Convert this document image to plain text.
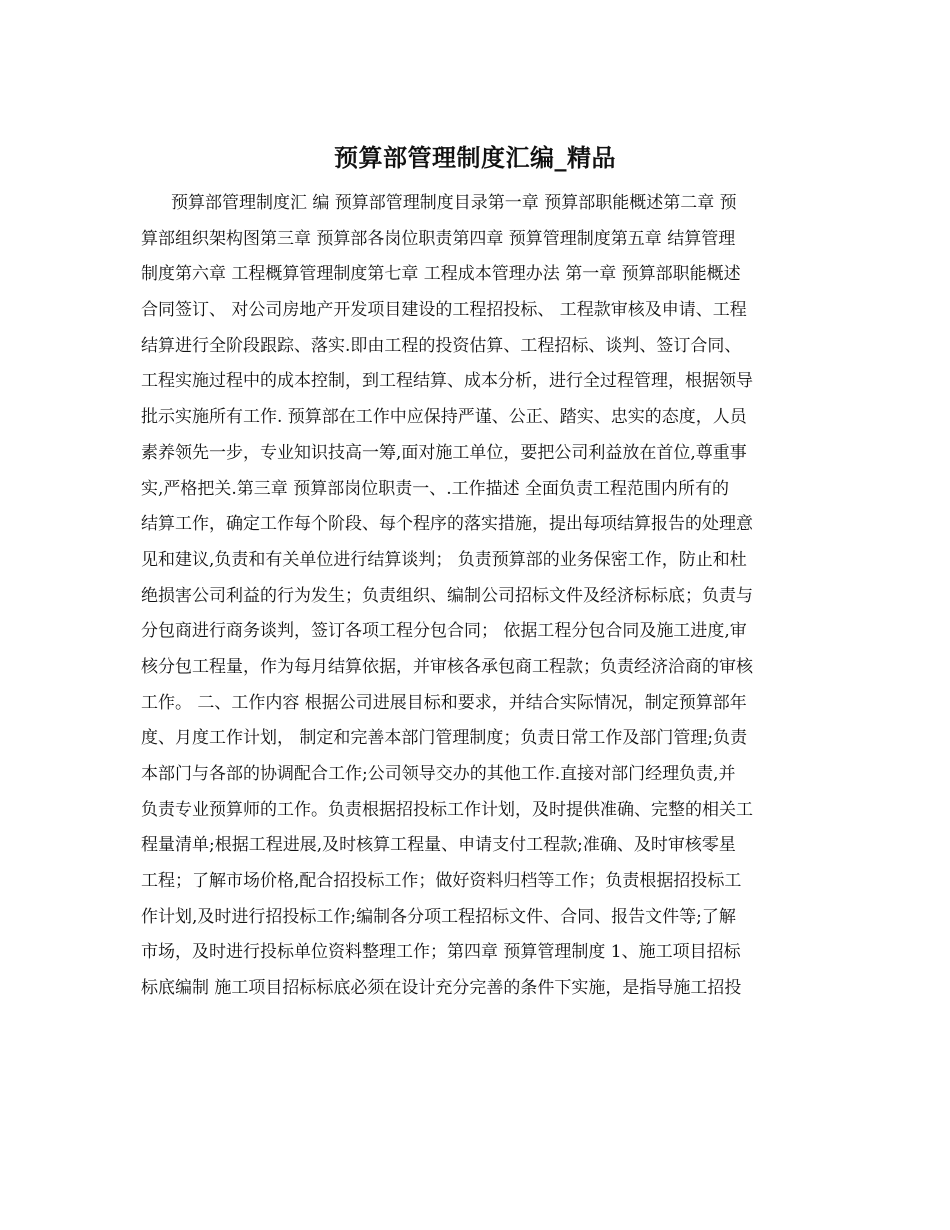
预算部管理制度汇编_精品
预算部管理制度汇 编 预算部管理制度目录第一章 预算部职能概述第二章 预
算部组织架构图第三章 预算部各岗位职责第四章 预算管理制度第五章 结算管理
制度第六章 工程概算管理制度第七章 工程成本管理办法 第一章 预算部职能概述
合同签订、 对公司房地产开发项目建设的工程招投标、 工程款审核及申请、工程
结算进行全阶段跟踪、落实.即由工程的投资估算、工程招标、谈判、签订合同、
工程实施过程中的成本控制，到工程结算、成本分析，进行全过程管理，根据领导
批示实施所有工作. 预算部在工作中应保持严谨、公正、踏实、忠实的态度，人员
素养领先一步，专业知识技高一筹,面对施工单位，要把公司利益放在首位,尊重事
实,严格把关.第三章 预算部岗位职责一、.工作描述 全面负责工程范围内所有的
结算工作，确定工作每个阶段、每个程序的落实措施，提出每项结算报告的处理意
见和建议,负责和有关单位进行结算谈判； 负责预算部的业务保密工作，防止和杜
绝损害公司利益的行为发生；负责组织、编制公司招标文件及经济标标底；负责与
分包商进行商务谈判，签订各项工程分包合同； 依据工程分包合同及施工进度,审
核分包工程量，作为每月结算依据，并审核各承包商工程款；负责经济洽商的审核
工作。 二、工作内容 根据公司进展目标和要求，并结合实际情况，制定预算部年
度、月度工作计划， 制定和完善本部门管理制度；负责日常工作及部门管理;负责
本部门与各部的协调配合工作;公司领导交办的其他工作.直接对部门经理负责,并
负责专业预算师的工作。负责根据招投标工作计划，及时提供准确、完整的相关工
程量清单;根据工程进展,及时核算工程量、申请支付工程款;准确、及时审核零星
工程；了解市场价格,配合招投标工作；做好资料归档等工作；负责根据招投标工
作计划,及时进行招投标工作;编制各分项工程招标文件、合同、报告文件等;了解
市场，及时进行投标单位资料整理工作；第四章 预算管理制度 1、施工项目招标
标底编制 施工项目招标标底必须在设计充分完善的条件下实施，是指导施工招投
